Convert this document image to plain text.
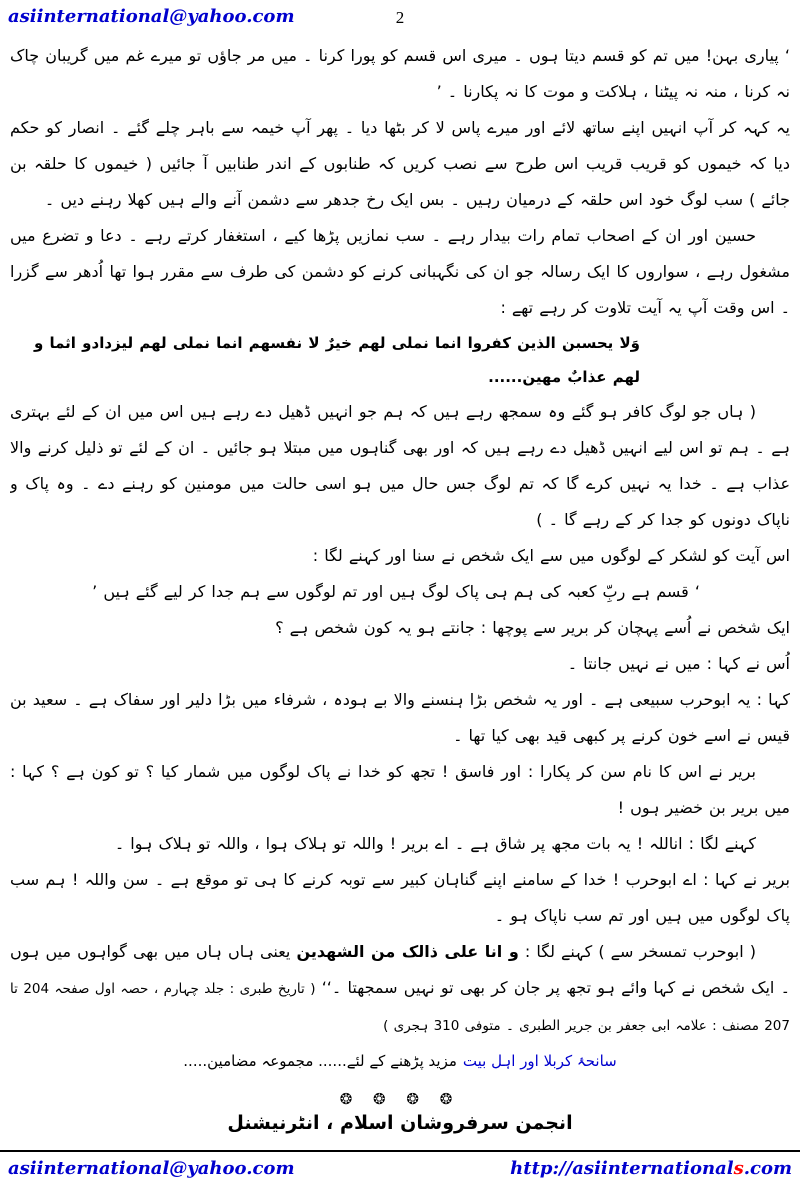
asiinternational@yahoo.com	2

‘ پیاری بہن! میں تم کو قسم دیتا ہوں ۔ میری اس قسم کو پورا کرنا ۔ میں مر جاؤں تو میرے غم میں گریبان چاک نہ کرنا ، منہ نہ پیٹنا ، ہلاکت و موت کا نہ پکارنا ۔ ’

یہ کہہ کر آپ انہیں اپنے ساتھ لائے اور میرے پاس لا کر بٹھا دیا ۔ پھر آپ خیمہ سے باہر چلے گئے ۔ انصار کو حکم دیا کہ خیموں کو قریب قریب اس طرح سے نصب کریں کہ طنابوں کے اندر طنابیں آ جائیں ( خیموں کا حلقہ بن جائے ) سب لوگ خود اس حلقہ کے درمیان رہیں ۔ بس ایک رخ جدھر سے دشمن آنے والے ہیں کھلا رہنے دیں ۔

حسین اور ان کے اصحاب تمام رات بیدار رہے ۔ سب نمازیں پڑھا کیے ، استغفار کرتے رہے ۔ دعا و تضرع میں مشغول رہے ، سواروں کا ایک رسالہ جو ان کی نگہبانی کرنے کو دشمن کی طرف سے مقرر ہوا تھا اُدھر سے گزرا ۔ اس وقت آپ یہ آیت تلاوت کر رہے تھے :

وَلا یحسبن الذین کفروا انما نملی لھم خیرٌ لا نفسھم انما نملی لھم لیزدادو اثما و لھم عذابٌ مھین......

( ہاں جو لوگ کافر ہو گئے وہ سمجھ رہے ہیں کہ ہم جو انہیں ڈھیل دے رہے ہیں اس میں ان کے لئے بہتری ہے ۔ ہم تو اس لیے انہیں ڈھیل دے رہے ہیں کہ اور بھی گناہوں میں مبتلا ہو جائیں ۔ ان کے لئے تو ذلیل کرنے والا عذاب ہے ۔ خدا یہ نہیں کرے گا کہ تم لوگ جس حال میں ہو اسی حالت میں مومنین کو رہنے دے ۔ وہ پاک و ناپاک دونوں کو جدا کر کے رہے گا ۔ )

اس آیت کو لشکر کے لوگوں میں سے ایک شخص نے سنا اور کہنے لگا :

‘ قسم ہے ربِّ کعبہ کی ہم ہی پاک لوگ ہیں اور تم لوگوں سے ہم جدا کر لیے گئے ہیں ’

ایک شخص نے اُسے پہچان کر بریر سے پوچھا : جانتے ہو یہ کون شخص ہے ؟

اُس نے کہا : میں نے نہیں جانتا ۔

کہا : یہ ابوحرب سبیعی ہے ۔ اور یہ شخص بڑا ہنسنے والا بے ہودہ ، شرفاء میں بڑا دلیر اور سفاک ہے ۔ سعید بن قیس نے اسے خون کرنے پر کبھی قید بھی کیا تھا ۔

بریر نے اس کا نام سن کر پکارا : اور فاسق ! تجھ کو خدا نے پاک لوگوں میں شمار کیا ؟ تو کون ہے ؟ کہا : میں بریر بن خضیر ہوں !

کہنے لگا : اناللہ ! یہ بات مجھ پر شاق ہے ۔ اے بریر ! واللہ تو ہلاک ہوا ، واللہ تو ہلاک ہوا ۔

بریر نے کہا : اے ابوحرب ! خدا کے سامنے اپنے گناہان کبیر سے توبہ کرنے کا ہی تو موقع ہے ۔ سن واللہ ! ہم سب پاک لوگوں میں ہیں اور تم سب ناپاک ہو ۔

( ابوحرب تمسخر سے ) کہنے لگا : و انا علی ذالک من الشھدین یعنی ہاں ہاں میں بھی گواہوں میں ہوں ۔ ایک شخص نے کہا وائے ہو تجھ پر جان کر بھی تو نہیں سمجھتا ۔‘‘ ( تاریخ طبری : جلد چہارم ، حصہ اول صفحہ 204 تا 207 مصنف : علامہ ابی جعفر بن جریر الطبری ۔ متوفی 310 ہجری )

مزید پڑھنے کے لئے...... مجموعہ مضامین..... سانحۂ کربلا اور اہل بیت
❂ ❂ ❂ ❂
انجمن سرفروشان اسلام ، انٹرنیشنل
asiinternational@yahoo.com	http://asiinternationals.com
